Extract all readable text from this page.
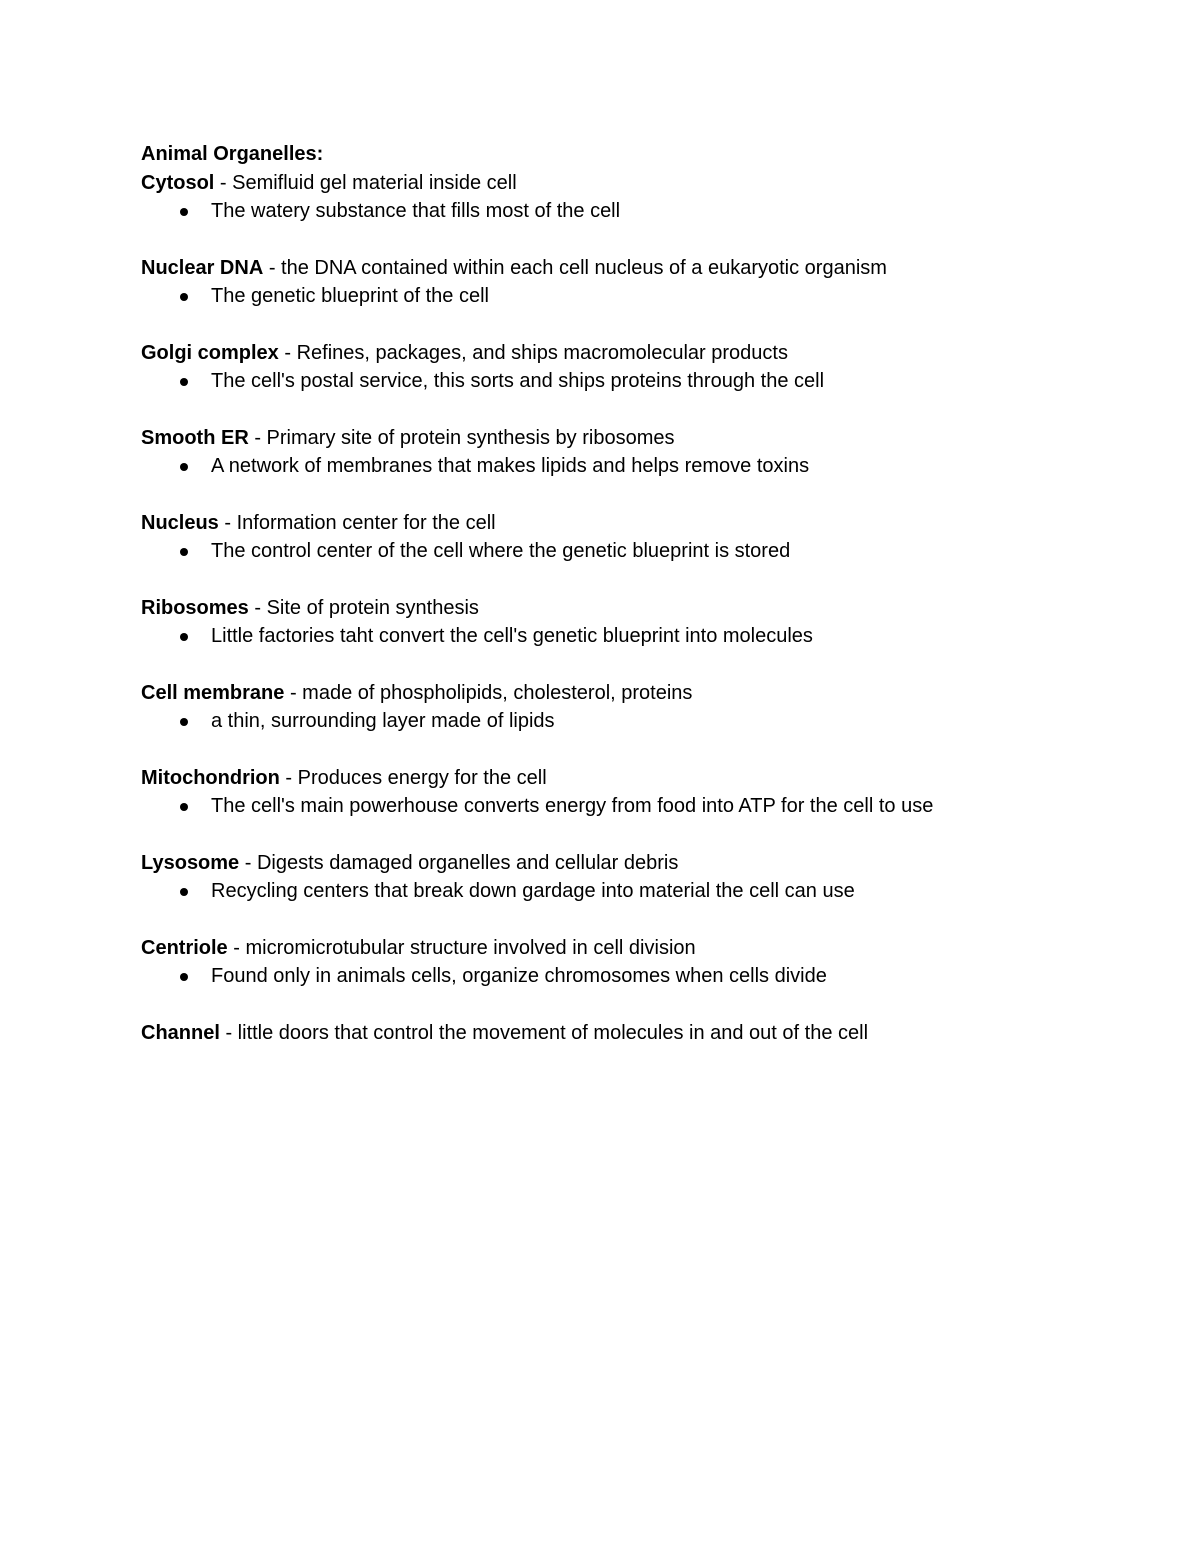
Animal Organelles:

Cytosol - Semifluid gel material inside cell
The watery substance that fills most of the cell
Nuclear DNA - the DNA contained within each cell nucleus of a eukaryotic organism
The genetic blueprint of the cell
Golgi complex - Refines, packages, and ships macromolecular products
The cell's postal service, this sorts and ships proteins through the cell
Smooth ER - Primary site of protein synthesis by ribosomes
A network of membranes that makes lipids and helps remove toxins
Nucleus - Information center for the cell
The control center of the cell where the genetic blueprint is stored
Ribosomes - Site of protein synthesis
Little factories taht convert the cell's genetic blueprint into molecules
Cell membrane - made of phospholipids, cholesterol, proteins
a thin, surrounding layer made of lipids
Mitochondrion - Produces energy for the cell
The cell's main powerhouse converts energy from food into ATP for the cell to use
Lysosome - Digests damaged organelles and cellular debris
Recycling centers that break down gardage into material the cell can use
Centriole - micromicrotubular structure involved in cell division
Found only in animals cells, organize chromosomes when cells divide
Channel - little doors that control the movement of molecules in and out of the cell
